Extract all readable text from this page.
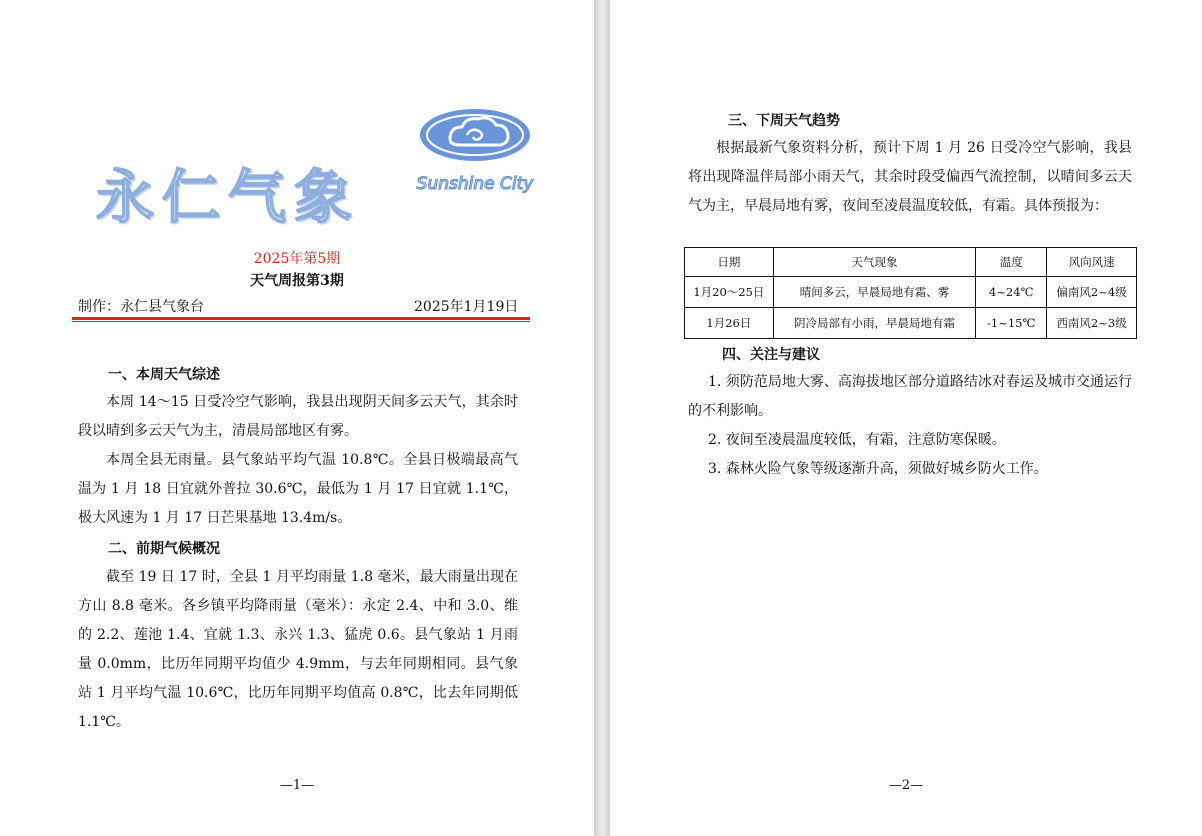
永仁气象	Sunshine City
2025年第5期
天气周报第3期
制作：永仁县气象台	2025年1月19日
一、本周天气综述

本周 14～15 日受冷空气影响，我县出现阴天间多云天气，其余时段以晴到多云天气为主，清晨局部地区有雾。

本周全县无雨量。县气象站平均气温 10.8℃。全县日极端最高气温为 1 月 18 日宜就外普拉 30.6℃，最低为 1 月 17 日宜就 1.1℃，极大风速为 1 月 17 日芒果基地 13.4m/s。

二、前期气候概况

截至 19 日 17 时，全县 1 月平均雨量 1.8 毫米，最大雨量出现在方山 8.8 毫米。各乡镇平均降雨量（毫米）：永定 2.4、中和 3.0、维的 2.2、莲池 1.4、宜就 1.3、永兴 1.3、猛虎 0.6。县气象站 1 月雨量 0.0mm，比历年同期平均值少 4.9mm，与去年同期相同。县气象站 1 月平均气温 10.6℃，比历年同期平均值高 0.8℃，比去年同期低 1.1℃。

—1—	—2—
三、下周天气趋势

根据最新气象资料分析，预计下周 1 月 26 日受冷空气影响，我县将出现降温伴局部小雨天气，其余时段受偏西气流控制，以晴间多云天气为主，早晨局地有雾，夜间至凌晨温度较低，有霜。具体预报为：

日期	天气现象	温度	风向风速
1月20～25日	晴间多云，早晨局地有霜、雾	4~24℃	偏南风2~4级
1月26日	阴冷局部有小雨，早晨局地有霜	-1~15℃	西南风2~3级
四、关注与建议

1. 须防范局地大雾、高海拔地区部分道路结冰对春运及城市交通运行的不利影响。

2. 夜间至凌晨温度较低，有霜，注意防寒保暖。

3. 森林火险气象等级逐渐升高，须做好城乡防火工作。
